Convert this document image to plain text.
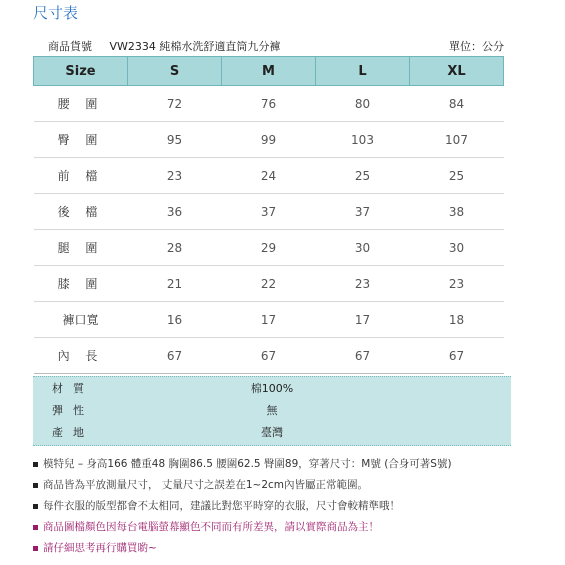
尺寸表
商品貨號 VW2334 純棉水洗舒適直筒九分褲	單位：公分
Size	S	M	L	XL
腰 圍	72	76	80	84
臀 圍	95	99	103	107
前 檔	23	24	25	25
後 檔	36	37	37	38
腿 圍	28	29	30	30
膝 圍	21	22	23	23
褲口寬	16	17	17	18
內 長	67	67	67	67
材質	棉100%
彈性	無
產地	臺灣
模特兒 – 身高166 體重48 胸圍86.5 腰圍62.5 臀圍89，穿著尺寸：M號 (合身可著S號)
商品皆為平放測量尺寸， 丈量尺寸之誤差在1~2cm內皆屬正常範圍。
每件衣服的版型都會不太相同，建議比對您平時穿的衣服，尺寸會較精準哦！
商品圖檔顏色因每台電腦螢幕顯色不同而有所差異，請以實際商品為主！
請仔細思考再行購買喲~
